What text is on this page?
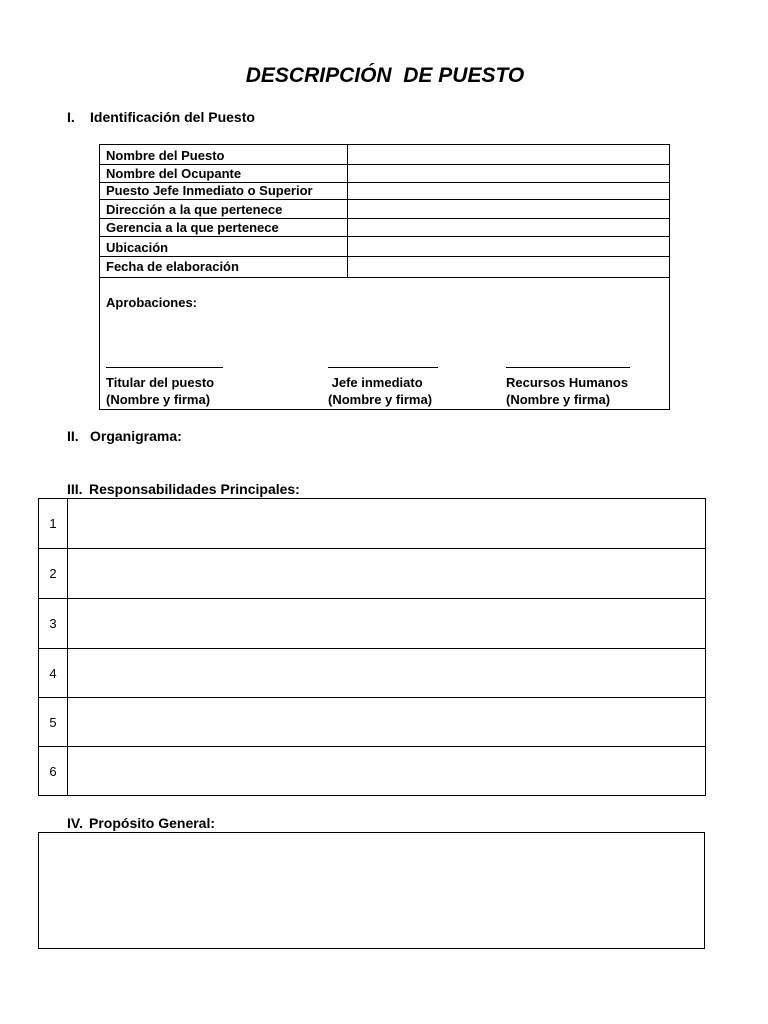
DESCRIPCIÓN  DE PUESTO
I. Identificación del Puesto
Nombre del Puesto
Nombre del Ocupante
Puesto Jefe Inmediato o Superior
Dirección a la que pertenece
Gerencia a la que pertenece
Ubicación
Fecha de elaboración
Aprobaciones:
Titular del puesto
(Nombre y firma)
Jefe inmediato
(Nombre y firma)
Recursos Humanos
(Nombre y firma)
II. Organigrama:
III. Responsabilidades Principales:
1
2
3
4
5
6
IV. Propósito General:
